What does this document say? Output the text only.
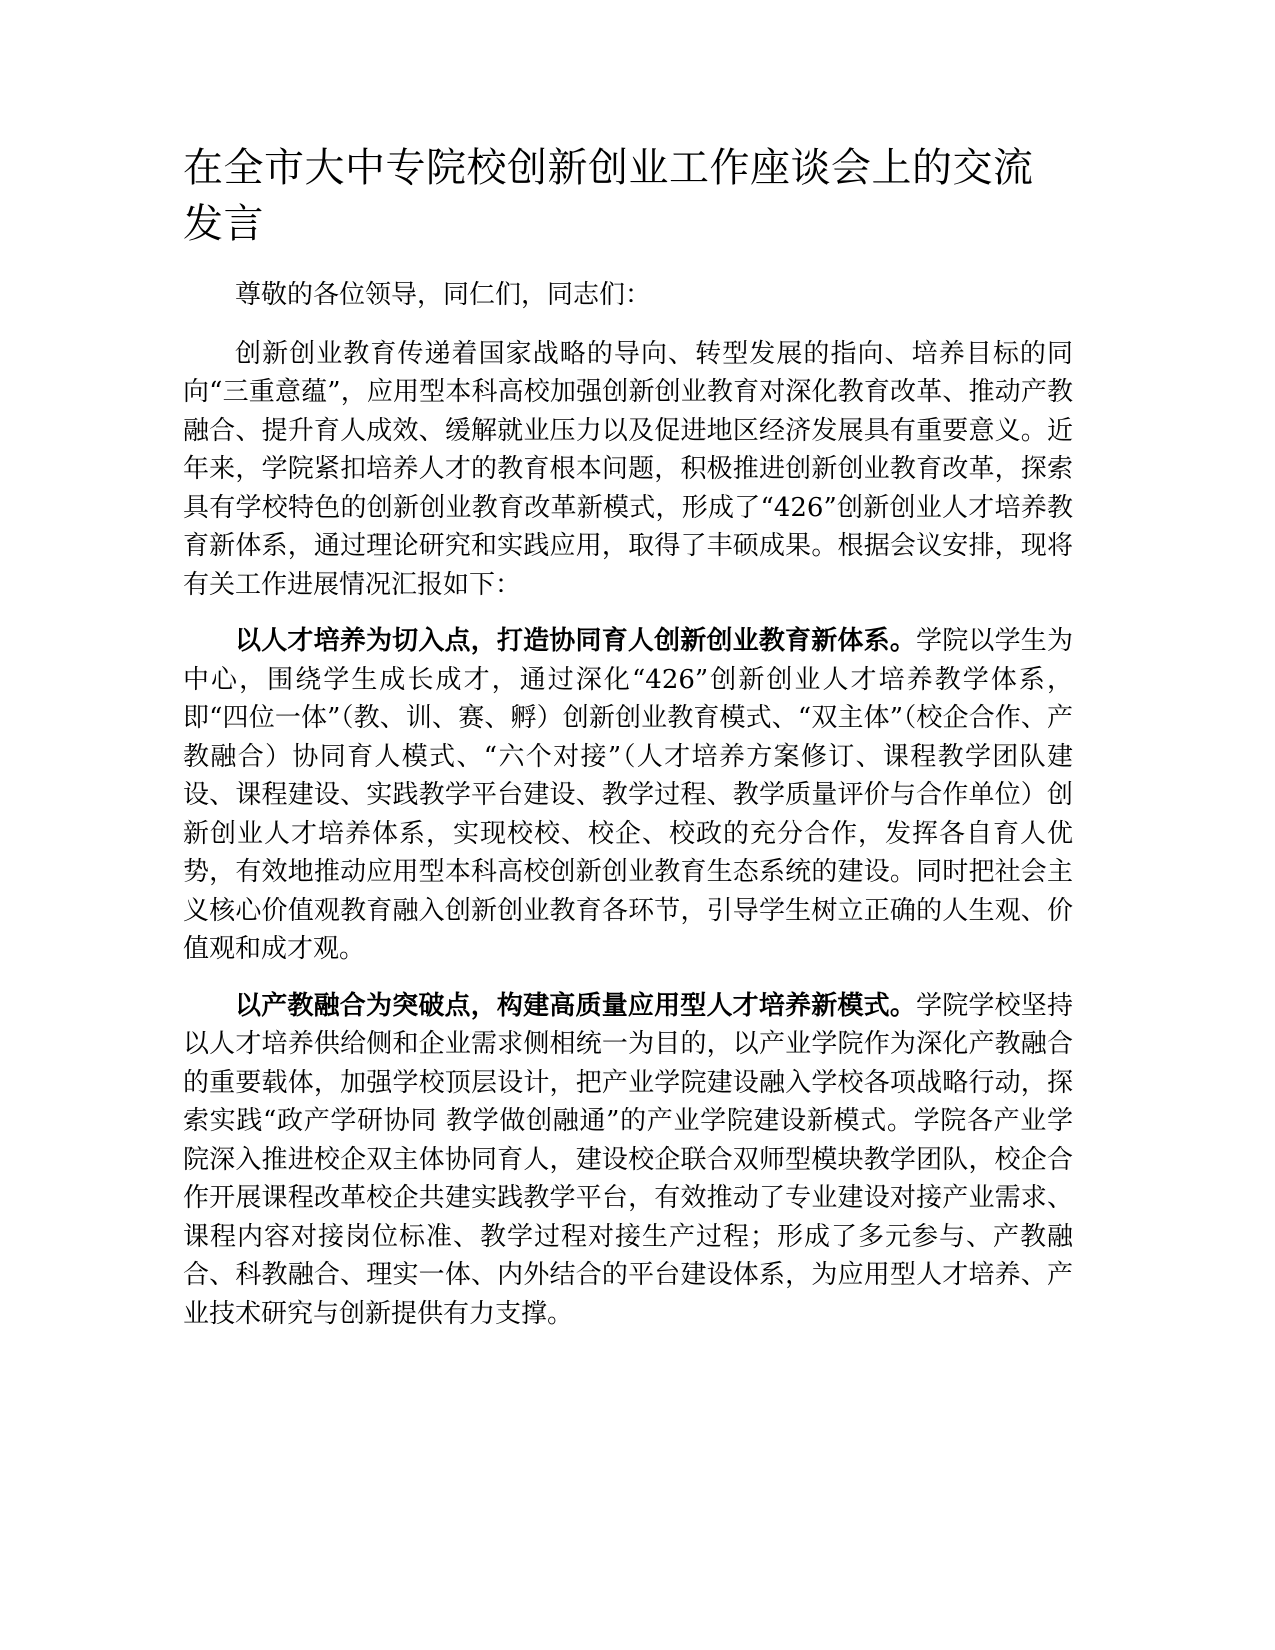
在全市大中专院校创新创业工作座谈会上的交流发言

尊敬的各位领导，同仁们，同志们：

创新创业教育传递着国家战略的导向、转型发展的指向、培养目标的同向“三重意蕴”，应用型本科高校加强创新创业教育对深化教育改革、推动产教融合、提升育人成效、缓解就业压力以及促进地区经济发展具有重要意义。近年来，学院紧扣培养人才的教育根本问题，积极推进创新创业教育改革，探索具有学校特色的创新创业教育改革新模式，形成了“426”创新创业人才培养教育新体系，通过理论研究和实践应用，取得了丰硕成果。根据会议安排，现将有关工作进展情况汇报如下：

以人才培养为切入点，打造协同育人创新创业教育新体系。学院以学生为中心，围绕学生成长成才，通过深化“426”创新创业人才培养教学体系，即“四位一体”（教、训、赛、孵）创新创业教育模式、“双主体”（校企合作、产教融合）协同育人模式、“六个对接”（人才培养方案修订、课程教学团队建设、课程建设、实践教学平台建设、教学过程、教学质量评价与合作单位）创新创业人才培养体系，实现校校、校企、校政的充分合作，发挥各自育人优势，有效地推动应用型本科高校创新创业教育生态系统的建设。同时把社会主义核心价值观教育融入创新创业教育各环节，引导学生树立正确的人生观、价值观和成才观。

以产教融合为突破点，构建高质量应用型人才培养新模式。学院学校坚持以人才培养供给侧和企业需求侧相统一为目的，以产业学院作为深化产教融合的重要载体，加强学校顶层设计，把产业学院建设融入学校各项战略行动，探索实践“政产学研协同 教学做创融通”的产业学院建设新模式。学院各产业学院深入推进校企双主体协同育人，建设校企联合双师型模块教学团队，校企合作开展课程改革校企共建实践教学平台，有效推动了专业建设对接产业需求、课程内容对接岗位标准、教学过程对接生产过程；形成了多元参与、产教融合、科教融合、理实一体、内外结合的平台建设体系，为应用型人才培养、产业技术研究与创新提供有力支撑。
